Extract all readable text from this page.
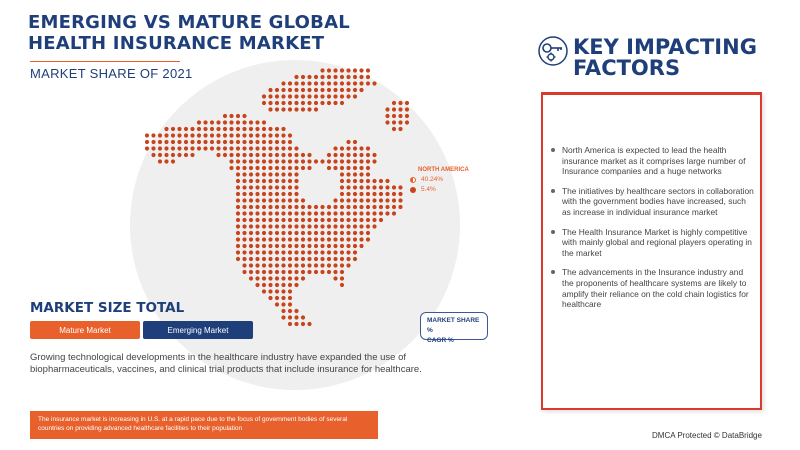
EMERGING VS MATURE GLOBAL HEALTH INSURANCE MARKET
MARKET SHARE OF 2021
NORTH AMERICA
40.24%
5.4%
MARKET SIZE TOTAL
Mature Market	Emerging Market
MARKET SHARE %
CAGR %
Growing technological developments in the healthcare industry have expanded the use of biopharmaceuticals, vaccines, and clinical trial products that include insurance for healthcare.
The insurance market is increasing in U.S. at a rapid pace due to the focus of government bodies of several countries on providing advanced healthcare facilities to their population
KEY IMPACTING
FACTORS
North America is expected to lead the health insurance market as it comprises large number of Insurance companies and a huge networks
The initiatives by healthcare sectors in collaboration with the government bodies have increased, such as increase in individual insurance market
The Health Insurance Market is highly competitive with mainly global and regional players operating in the market
The advancements in the Insurance industry and the proponents of healthcare systems are likely to amplify their reliance on the cold chain logistics for healthcare
DMCA Protected © DataBridge
